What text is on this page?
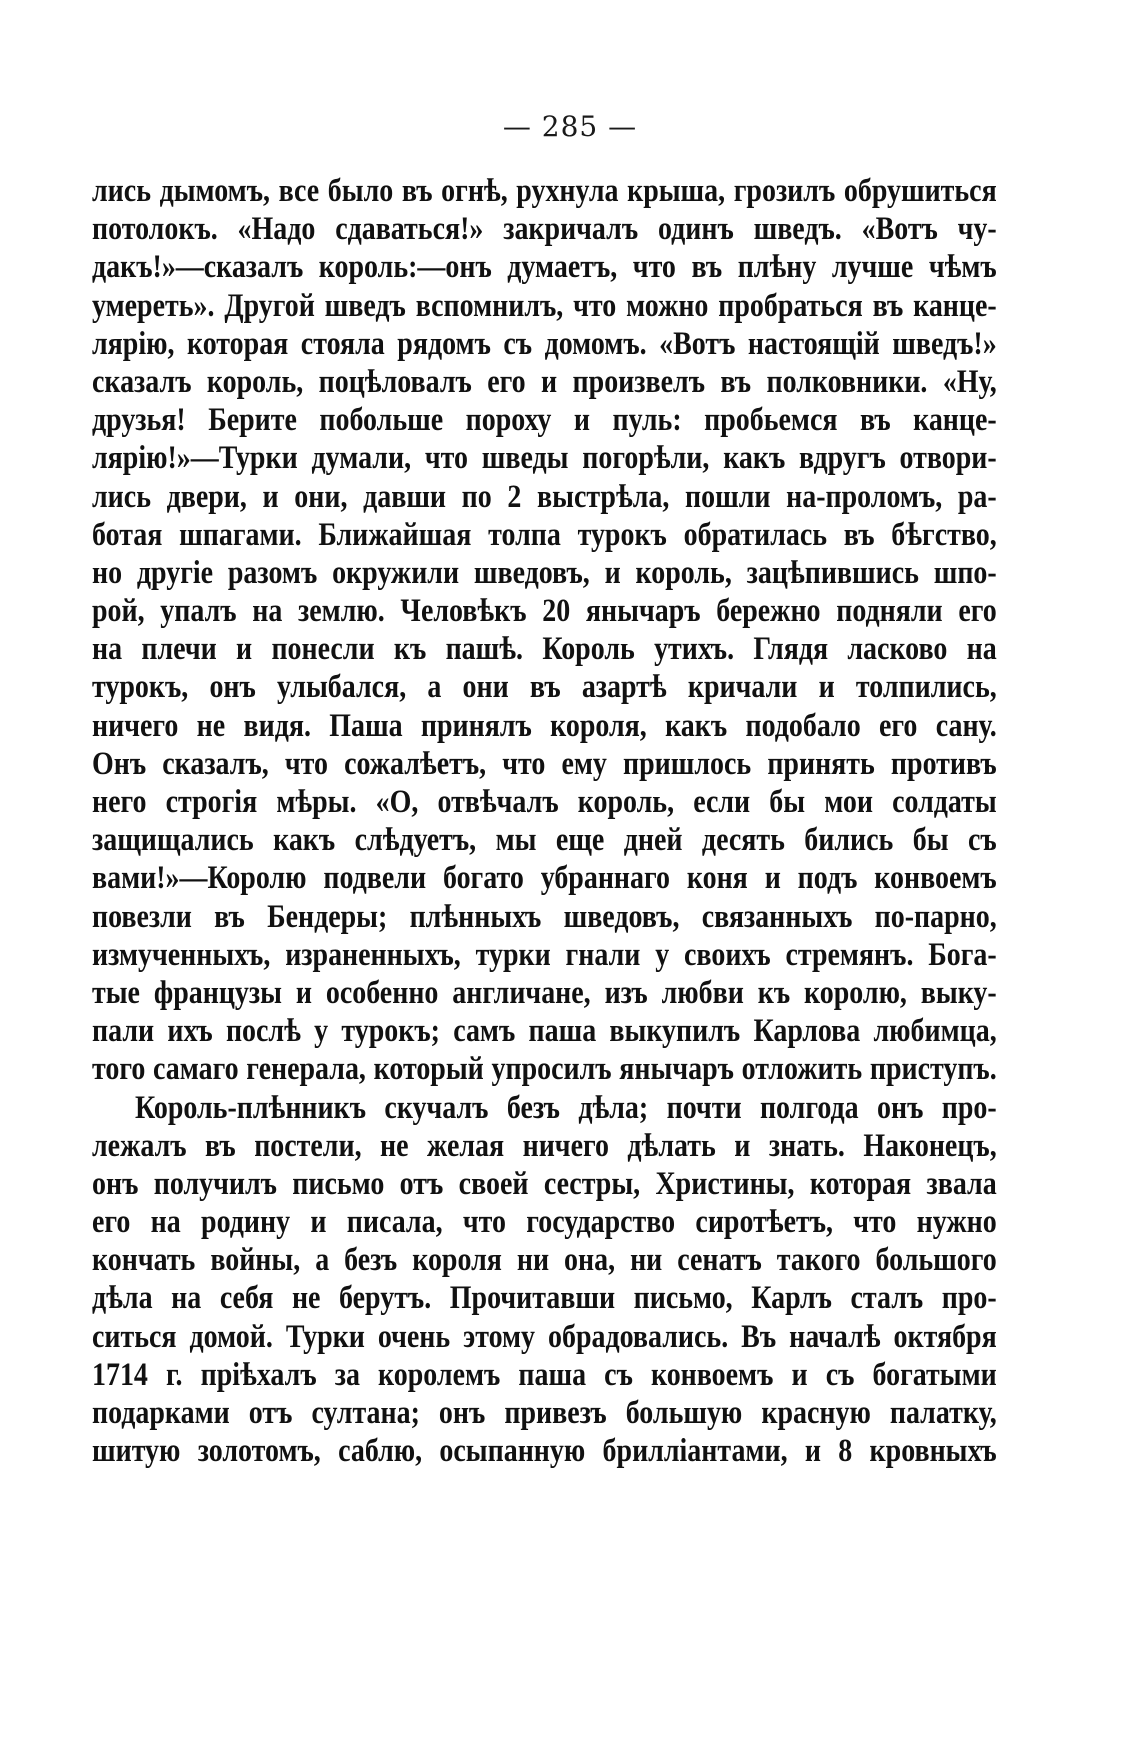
— 285 —
лись дымомъ, все было въ огнѣ, рухнула крыша, грозилъ обрушиться
потолокъ. «Надо сдаваться!» закричалъ одинъ шведъ. «Вотъ чу-
дакъ!»—сказалъ король:—онъ думаетъ, что въ плѣну лучше чѣмъ
умереть». Другой шведъ вспомнилъ, что можно пробраться въ канце-
лярію, которая стояла рядомъ съ домомъ. «Вотъ настоящій шведъ!»
сказалъ король, поцѣловалъ его и произвелъ въ полковники. «Ну,
друзья! Берите побольше пороху и пуль: пробьемся въ канце-
лярію!»—Турки думали, что шведы погорѣли, какъ вдругъ отвори-
лись двери, и они, давши по 2 выстрѣла, пошли на-проломъ, ра-
ботая шпагами. Ближайшая толпа турокъ обратилась въ бѣгство,
но другіе разомъ окружили шведовъ, и король, зацѣпившись шпо-
рой, упалъ на землю. Человѣкъ 20 янычаръ бережно подняли его
на плечи и понесли къ пашѣ. Король утихъ. Глядя ласково на
турокъ, онъ улыбался, а они въ азартѣ кричали и толпились,
ничего не видя. Паша принялъ короля, какъ подобало его сану.
Онъ сказалъ, что сожалѣетъ, что ему пришлось принять противъ
него строгія мѣры. «О, отвѣчалъ король, если бы мои солдаты
защищались какъ слѣдуетъ, мы еще дней десять бились бы съ
вами!»—Королю подвели богато убраннаго коня и подъ конвоемъ
повезли въ Бендеры; плѣнныхъ шведовъ, связанныхъ по-парно,
измученныхъ, израненныхъ, турки гнали у своихъ стремянъ. Бога-
тые французы и особенно англичане, изъ любви къ королю, выку-
пали ихъ послѣ у турокъ; самъ паша выкупилъ Карлова любимца,
того самаго генерала, который упросилъ янычаръ отложить приступъ.
Король-плѣнникъ скучалъ безъ дѣла; почти полгода онъ про-
лежалъ въ постели, не желая ничего дѣлать и знать. Наконецъ,
онъ получилъ письмо отъ своей сестры, Христины, которая звала
его на родину и писала, что государство сиротѣетъ, что нужно
кончать войны, а безъ короля ни она, ни сенатъ такого большого
дѣла на себя не берутъ. Прочитавши письмо, Карлъ сталъ про-
ситься домой. Турки очень этому обрадовались. Въ началѣ октября
1714 г. пріѣхалъ за королемъ паша съ конвоемъ и съ богатыми
подарками отъ султана; онъ привезъ большую красную палатку,
шитую золотомъ, саблю, осыпанную бриллiантами, и 8 кровныхъ
